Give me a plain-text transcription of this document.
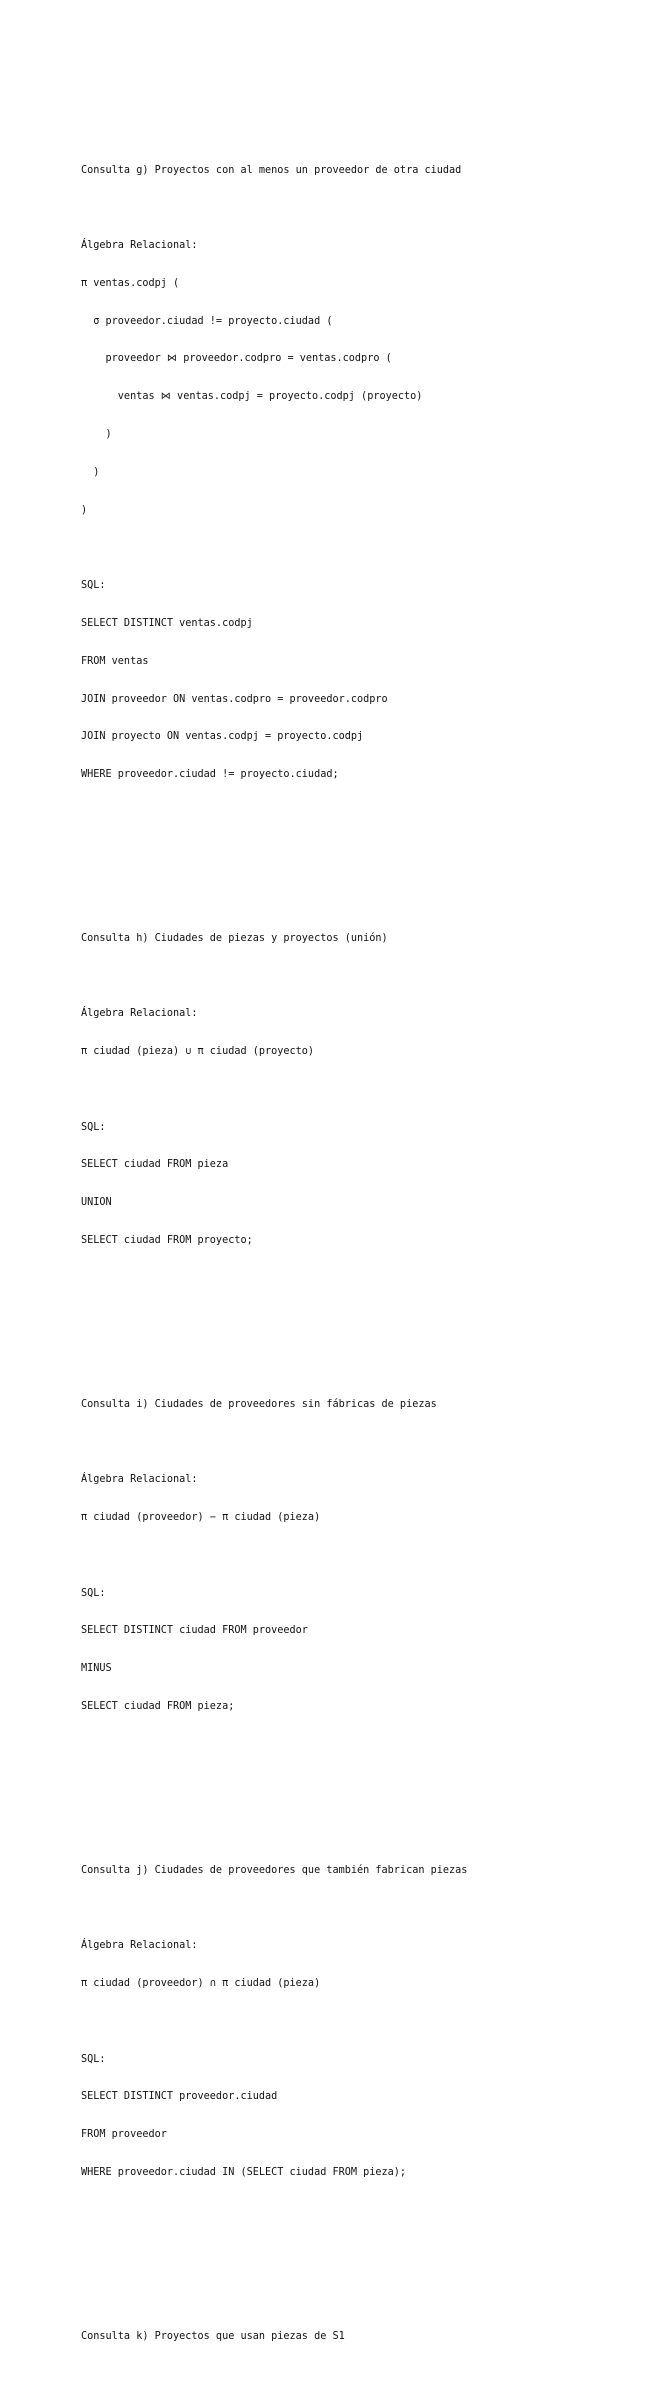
Consulta g) Proyectos con al menos un proveedor de otra ciudad

Álgebra Relacional:

π ventas.codpj (

σ proveedor.ciudad != proyecto.ciudad (

proveedor ⋈ proveedor.codpro = ventas.codpro (

ventas ⋈ ventas.codpj = proyecto.codpj (proyecto)

)

)

)

SQL:

SELECT DISTINCT ventas.codpj

FROM ventas

JOIN proveedor ON ventas.codpro = proveedor.codpro

JOIN proyecto ON ventas.codpj = proyecto.codpj

WHERE proveedor.ciudad != proyecto.ciudad;

Consulta h) Ciudades de piezas y proyectos (unión)

Álgebra Relacional:

π ciudad (pieza) ∪ π ciudad (proyecto)

SQL:

SELECT ciudad FROM pieza

UNION

SELECT ciudad FROM proyecto;

Consulta i) Ciudades de proveedores sin fábricas de piezas

Álgebra Relacional:

π ciudad (proveedor) − π ciudad (pieza)

SQL:

SELECT DISTINCT ciudad FROM proveedor

MINUS

SELECT ciudad FROM pieza;

Consulta j) Ciudades de proveedores que también fabrican piezas

Álgebra Relacional:

π ciudad (proveedor) ∩ π ciudad (pieza)

SQL:

SELECT DISTINCT proveedor.ciudad

FROM proveedor

WHERE proveedor.ciudad IN (SELECT ciudad FROM pieza);

Consulta k) Proyectos que usan piezas de S1
